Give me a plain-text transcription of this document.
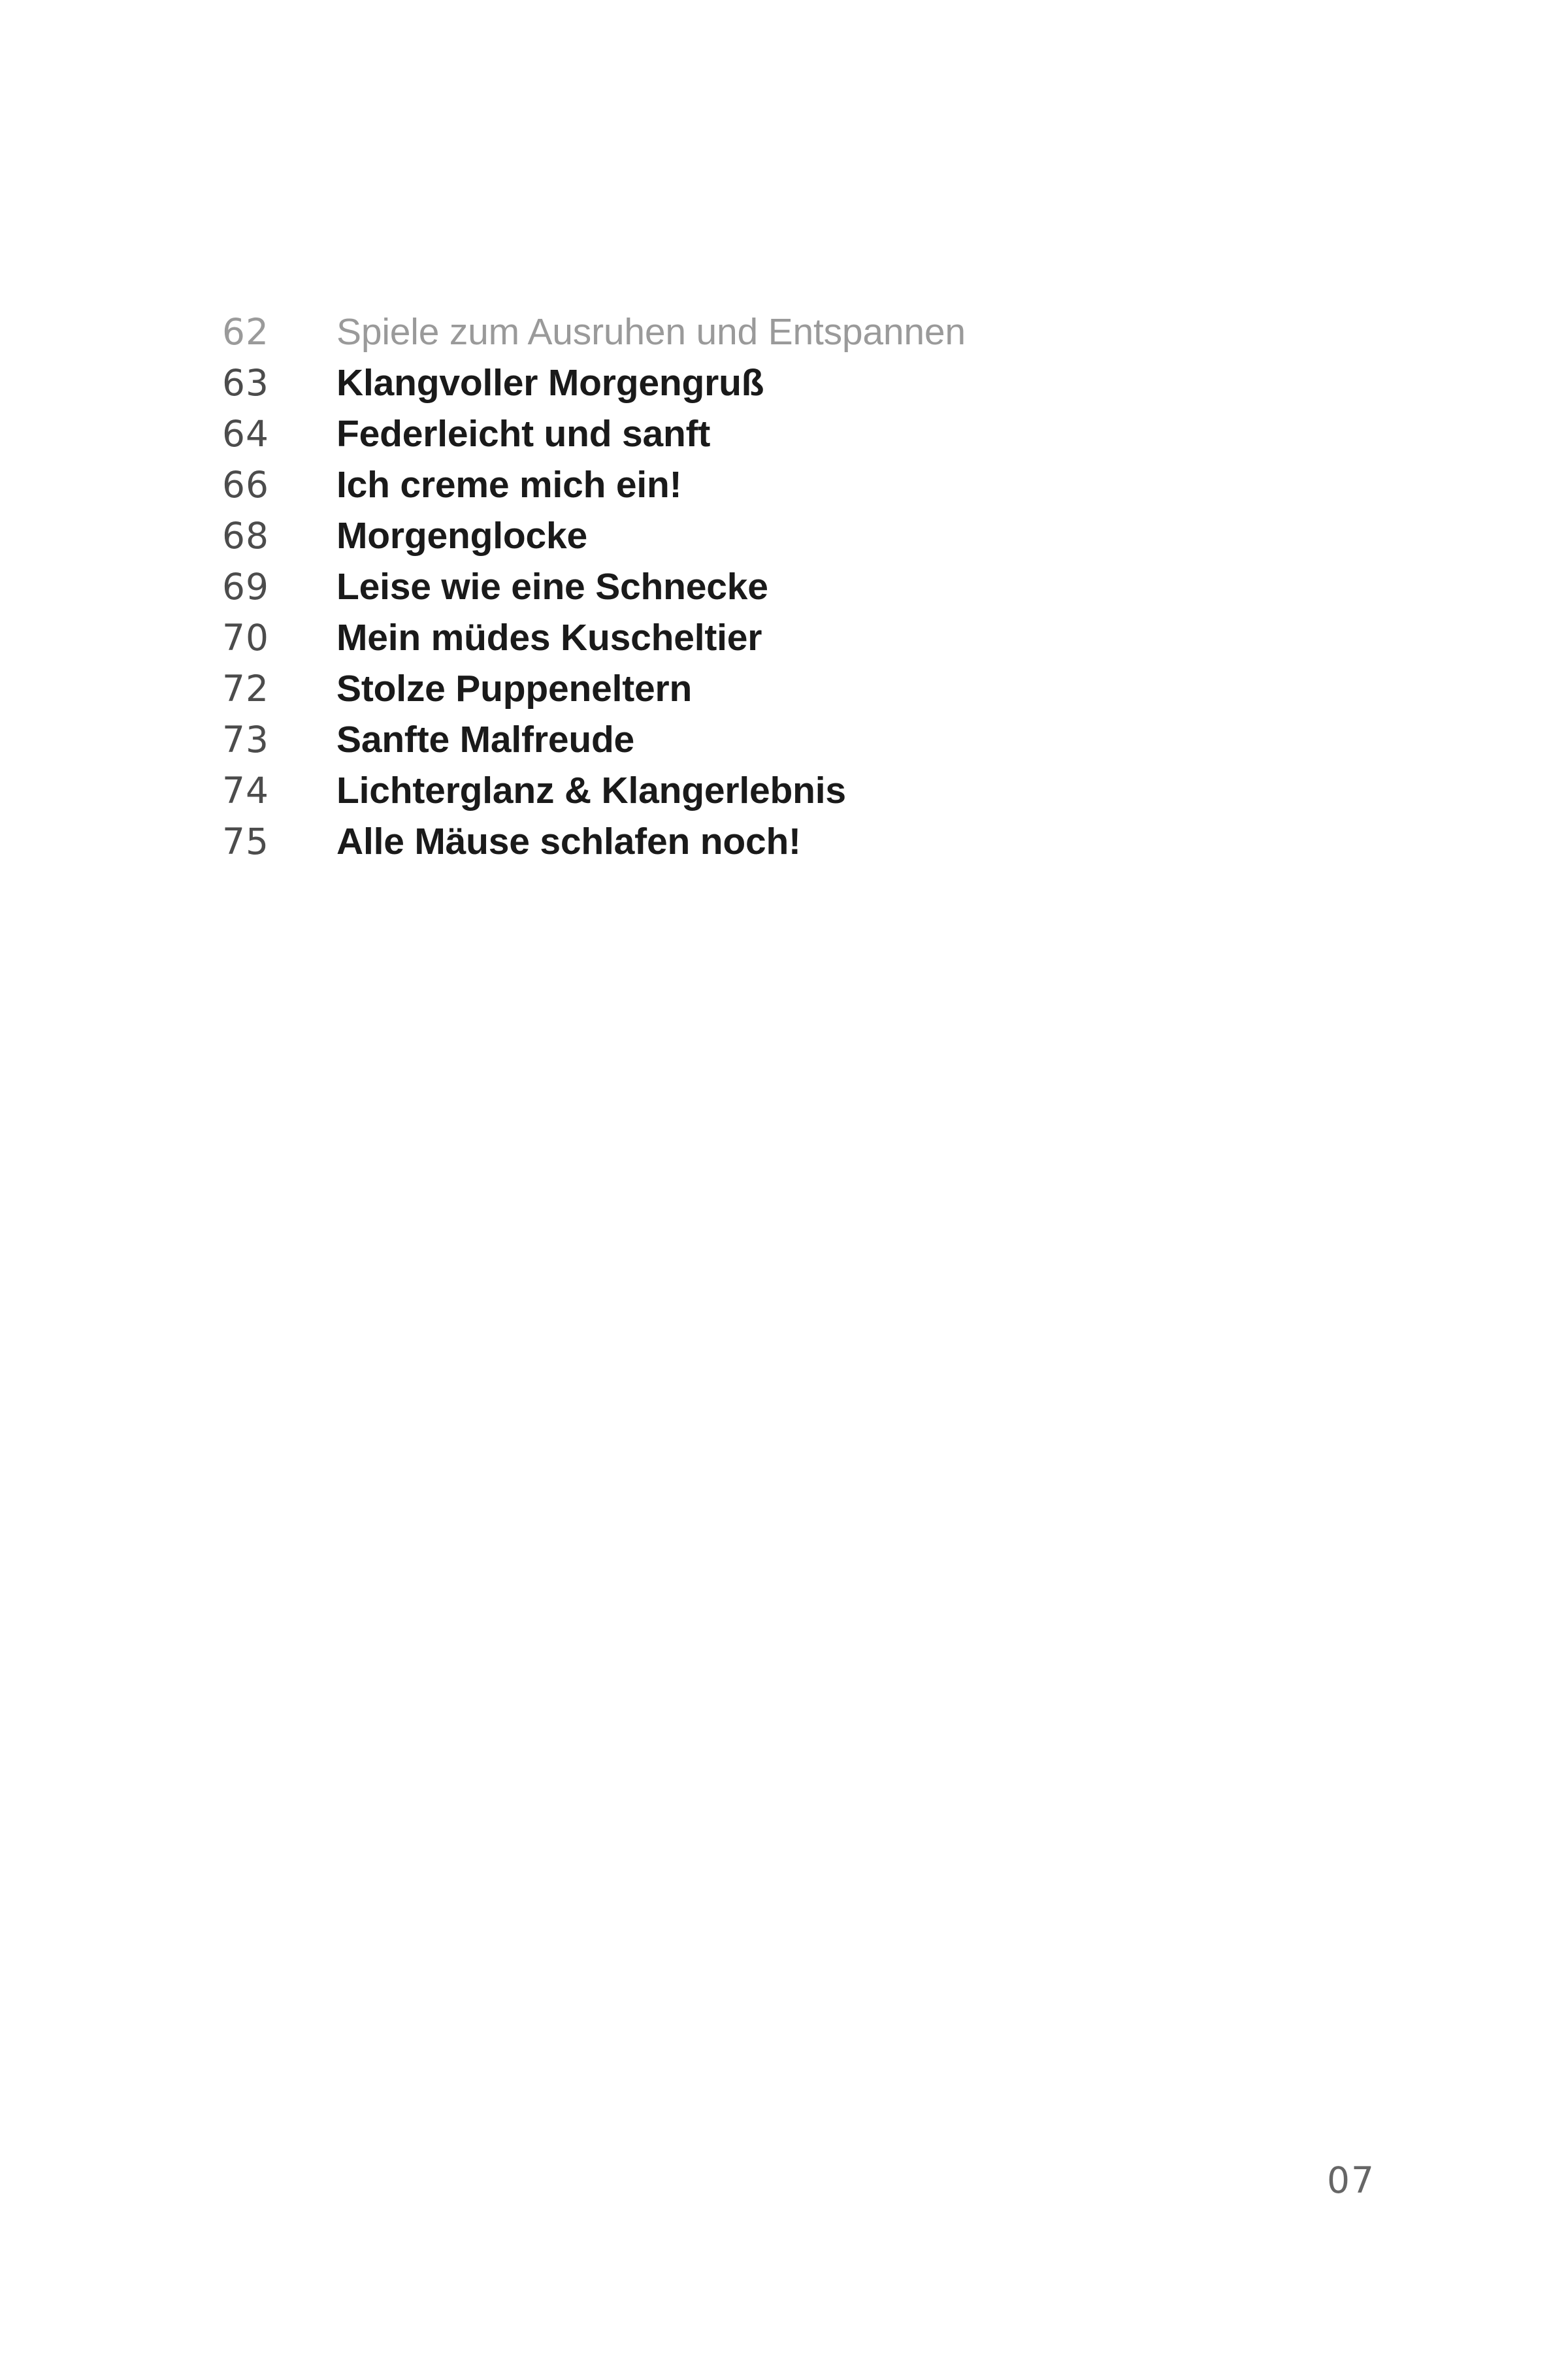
62	Spiele zum Ausruhen und Entspannen
63	Klangvoller Morgengruß
64	Federleicht und sanft
66	Ich creme mich ein!
68	Morgenglocke
69	Leise wie eine Schnecke
70	Mein müdes Kuscheltier
72	Stolze Puppeneltern
73	Sanfte Malfreude
74	Lichterglanz & Klangerlebnis
75	Alle Mäuse schlafen noch!
07
